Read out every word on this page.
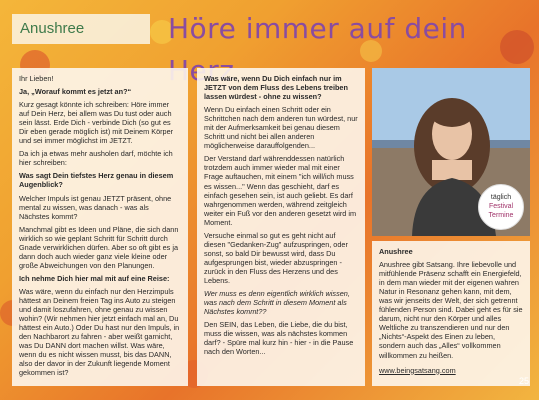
Anushree	Höre immer auf dein

Ihr Lieben!

Ja, „Worauf kommt es jetzt an?“

Kurz gesagt könnte ich schreiben: Höre immer auf Dein Herz, bei allem was Du tust oder auch sein lässt. Erde Dich - verbinde Dich (so gut es Dir eben gerade möglich ist) mit Deinem Körper und sei immer möglichst im JETZT.

Da ich ja etwas mehr ausholen darf, möchte ich hier schreiben:

Was sagt Dein tiefstes Herz genau in diesem Augenblick?

Welcher Impuls ist genau JETZT präsent, ohne mental zu wissen, was danach - was als Nächstes kommt?

Manchmal gibt es Ideen und Pläne, die sich dann wirklich so wie geplant Schritt für Schritt durch Gnade verwirklichen dürfen. Aber so oft gibt es ja dann doch auch wieder ganz viele kleine oder große Abweichungen von den Planungen.

Ich nehme Dich hier mal mit auf eine Reise:

Was wäre, wenn du einfach nur den Herzimpuls hättest an Deinem freien Tag ins Auto zu steigen und damit loszufahren, ohne genau zu wissen wohin? (Wir nehmen hier jetzt einfach mal an, Du hättest ein Auto.) Oder Du hast nur den Impuls, in den Nachbarort zu fahren - aber weißt garnicht, was Du DANN dort machen willst. Was wäre, wenn du es nicht wissen musst, bis das DANN, also der davor in der Zukunft liegende Moment gekommen ist?

Was wäre, wenn Du Dich einfach nur im JETZT von dem Fluss des Lebens treiben lassen würdest - ohne zu wissen?

Wenn Du einfach einen Schritt oder ein Schrittchen nach dem anderen tun würdest, nur mit der Aufmerksamkeit bei genau diesem Schritt und nicht bei allen anderen möglicherweise darauffolgenden...

Der Verstand darf währenddessen natürlich trotzdem auch immer wieder mal mit einer Frage auftauchen, mit einem "ich will/ich muss es wissen..." Wenn das geschieht, darf es einfach gesehen sein, ist auch geliebt. Es darf wahrgenommen werden, während zeitgleich weiter ein Fuß vor den anderen gesetzt wird im Moment.

Versuche einmal so gut es geht nicht auf diesen "Gedanken-Zug" aufzuspringen, oder sonst, so bald Dir bewusst wird, dass Du aufgesprungen bist, wieder abzuspringen - zurück in den Fluss des Herzens und des Lebens.

Wer muss es denn eigentlich wirklich wissen, was nach dem Schritt in diesem Moment als Nächstes kommt??

Den SEIN, das Leben, die Liebe, die du bist, muss die wissen, was als nächstes kommen darf? - Spüre mal kurz hin - hier - in die Pause nach den Worten...

täglich
Festival
Termine

Anushree

Anushree gibt Satsang. Ihre liebevolle und mitfühlende Präsenz schafft ein Energiefeld, in dem man wieder mit der eigenen wahren Natur in Resonanz gehen kann, mit dem, was wir jenseits der Welt, der sich getrennt fühlenden Person sind. Dabei geht es für sie darum, nicht nur den Körper und alles Weltliche zu transzendieren und nur den „Nichts“-Aspekt des Einen zu leben, sondern auch das „Alles“ vollkommen willkommen zu heißen.

www.beingsatsang.com

25
